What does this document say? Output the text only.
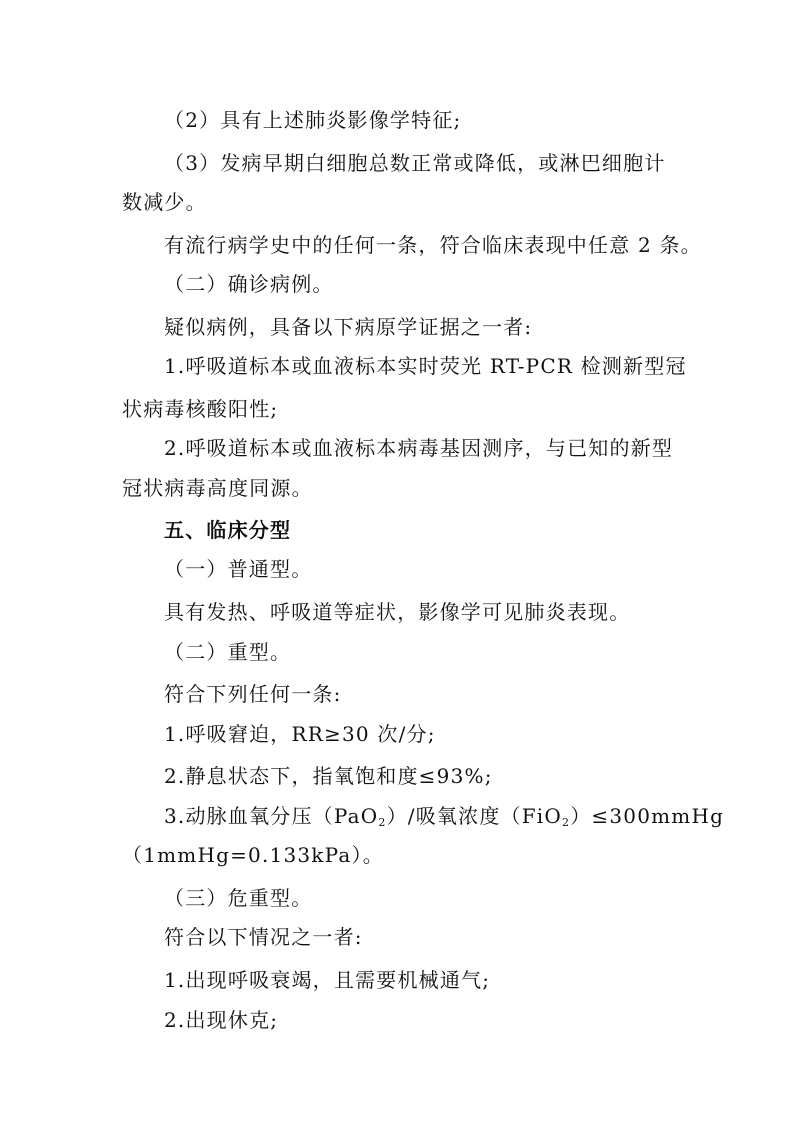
（2）具有上述肺炎影像学特征;
（3）发病早期白细胞总数正常或降低，或淋巴细胞计
数减少。
有流行病学史中的任何一条，符合临床表现中任意 2 条。
（二）确诊病例。
疑似病例，具备以下病原学证据之一者:
1.呼吸道标本或血液标本实时荧光 RT-PCR 检测新型冠
状病毒核酸阳性;
2.呼吸道标本或血液标本病毒基因测序，与已知的新型
冠状病毒高度同源。
五、临床分型
（一）普通型。
具有发热、呼吸道等症状，影像学可见肺炎表现。
（二）重型。
符合下列任何一条:
1.呼吸窘迫，RR≥30 次/分;
2.静息状态下，指氧饱和度≤93%;
3.动脉血氧分压（PaO$_2$）/吸氧浓度（FiO$_2$）≤300mmHg
（1mmHg=0.133kPa）。
（三）危重型。
符合以下情况之一者:
1.出现呼吸衰竭，且需要机械通气;
2.出现休克;
